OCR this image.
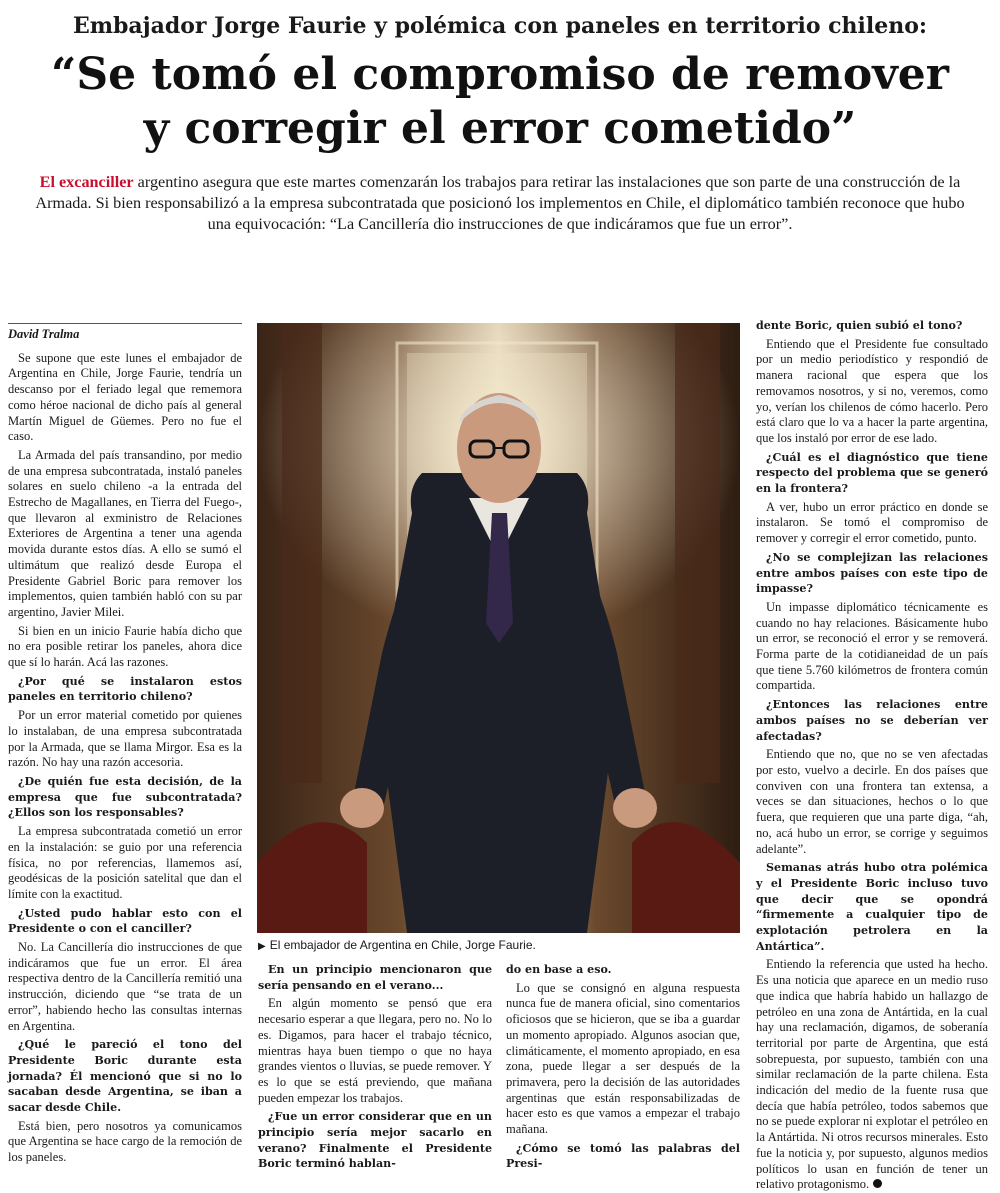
Embajador Jorge Faurie y polémica con paneles en territorio chileno:
“Se tomó el compromiso de remover
y corregir el error cometido”
El excanciller argentino asegura que este martes comenzarán los trabajos para retirar las instalaciones que son parte de una construcción de la Armada. Si bien responsabilizó a la empresa subcontratada que posicionó los implementos en Chile, el diplomático también reconoce que hubo una equivocación: “La Cancillería dio instrucciones de que indicáramos que fue un error”.
David Tralma

Se supone que este lunes el embajador de Argentina en Chile, Jorge Faurie, tendría un descanso por el feriado legal que rememora como héroe nacional de dicho país al general Martín Miguel de Güemes. Pero no fue el caso.

La Armada del país transandino, por medio de una empresa subcontratada, instaló paneles solares en suelo chileno -a la entrada del Estrecho de Magallanes, en Tierra del Fuego-, que llevaron al exministro de Relaciones Exteriores de Argentina a tener una agenda movida durante estos días. A ello se sumó el ultimátum que realizó desde Europa el Presidente Gabriel Boric para remover los implementos, quien también habló con su par argentino, Javier Milei.

Si bien en un inicio Faurie había dicho que no era posible retirar los paneles, ahora dice que sí lo harán. Acá las razones.

¿Por qué se instalaron estos paneles en territorio chileno?

Por un error material cometido por quienes lo instalaban, de una empresa subcontratada por la Armada, que se llama Mirgor. Esa es la razón. No hay una razón accesoria.

¿De quién fue esta decisión, de la empresa que fue subcontratada? ¿Ellos son los responsables?

La empresa subcontratada cometió un error en la instalación: se guio por una referencia física, no por referencias, llamemos así, geodésicas de la posición satelital que dan el límite con la exactitud.

¿Usted pudo hablar esto con el Presidente o con el canciller?

No. La Cancillería dio instrucciones de que indicáramos que fue un error. El área respectiva dentro de la Cancillería remitió una instrucción, diciendo que “se trata de un error”, habiendo hecho las consultas internas en Argentina.

¿Qué le pareció el tono del Presidente Boric durante esta jornada? Él mencionó que si no lo sacaban desde Argentina, se iban a sacar desde Chile.

Está bien, pero nosotros ya comunicamos que Argentina se hace cargo de la remoción de los paneles.

▶ El embajador de Argentina en Chile, Jorge Faurie.

En un principio mencionaron que sería pensando en el verano...

En algún momento se pensó que era necesario esperar a que llegara, pero no. No lo es. Digamos, para hacer el trabajo técnico, mientras haya buen tiempo o que no haya grandes vientos o lluvias, se puede remover. Y es lo que se está previendo, que mañana pueden empezar los trabajos.

¿Fue un error considerar que en un principio sería mejor sacarlo en verano? Finalmente el Presidente Boric terminó hablan-

do en base a eso.

Lo que se consignó en alguna respuesta nunca fue de manera oficial, sino comentarios oficiosos que se hicieron, que se iba a guardar un momento apropiado. Algunos asocian que, climáticamente, el momento apropiado, en esa zona, puede llegar a ser después de la primavera, pero la decisión de las autoridades argentinas que están responsabilizadas de hacer esto es que vamos a empezar el trabajo mañana.

¿Cómo se tomó las palabras del Presi-

dente Boric, quien subió el tono?

Entiendo que el Presidente fue consultado por un medio periodístico y respondió de manera racional que espera que los removamos nosotros, y si no, veremos, como yo, verían los chilenos de cómo hacerlo. Pero está claro que lo va a hacer la parte argentina, que los instaló por error de ese lado.

¿Cuál es el diagnóstico que tiene respecto del problema que se generó en la frontera?

A ver, hubo un error práctico en donde se instalaron. Se tomó el compromiso de remover y corregir el error cometido, punto.

¿No se complejizan las relaciones entre ambos países con este tipo de impasse?

Un impasse diplomático técnicamente es cuando no hay relaciones. Básicamente hubo un error, se reconoció el error y se removerá. Forma parte de la cotidianeidad de un país que tiene 5.760 kilómetros de frontera común compartida.

¿Entonces las relaciones entre ambos países no se deberían ver afectadas?

Entiendo que no, que no se ven afectadas por esto, vuelvo a decirle. En dos países que conviven con una frontera tan extensa, a veces se dan situaciones, hechos o lo que fuera, que requieren que una parte diga, “ah, no, acá hubo un error, se corrige y seguimos adelante”.

Semanas atrás hubo otra polémica y el Presidente Boric incluso tuvo que decir que se opondrá “firmemente a cualquier tipo de explotación petrolera en la Antártica”.

Entiendo la referencia que usted ha hecho. Es una noticia que aparece en un medio ruso que indica que habría habido un hallazgo de petróleo en una zona de Antártida, en la cual hay una reclamación, digamos, de soberanía territorial por parte de Argentina, que está sobrepuesta, por supuesto, también con una similar reclamación de la parte chilena. Esta indicación del medio de la fuente rusa que decía que había petróleo, todos sabemos que no se puede explorar ni explotar el petróleo en la Antártida. Ni otros recursos minerales. Esto fue la noticia y, por supuesto, algunos medios políticos lo usan en función de tener un relativo protagonismo.
